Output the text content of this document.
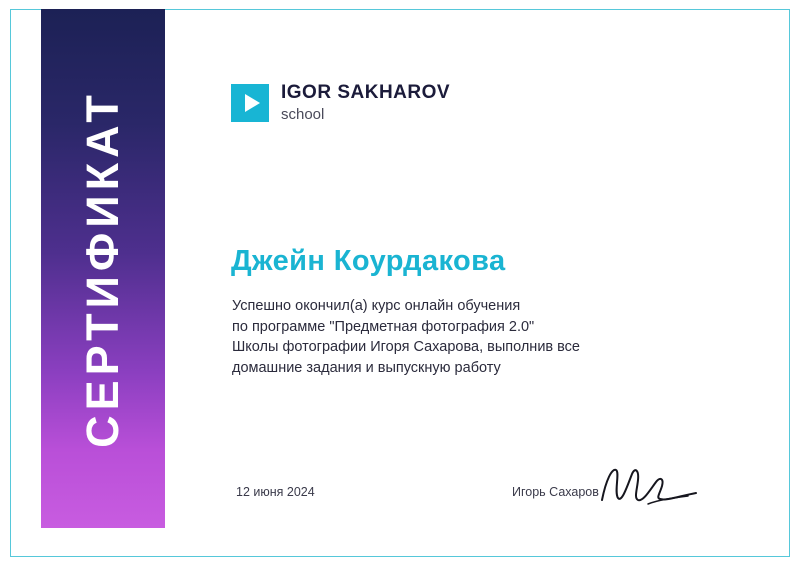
СЕРТИФИКАТ	IGOR SAKHAROV
school
Джейн Коурдакова
Успешно окончил(а) курс онлайн обучения
по программе "Предметная фотография 2.0"
Школы фотографии Игоря Сахарова, выполнив все
домашние задания и выпускную работу
12 июня 2024	Игорь Сахаров
